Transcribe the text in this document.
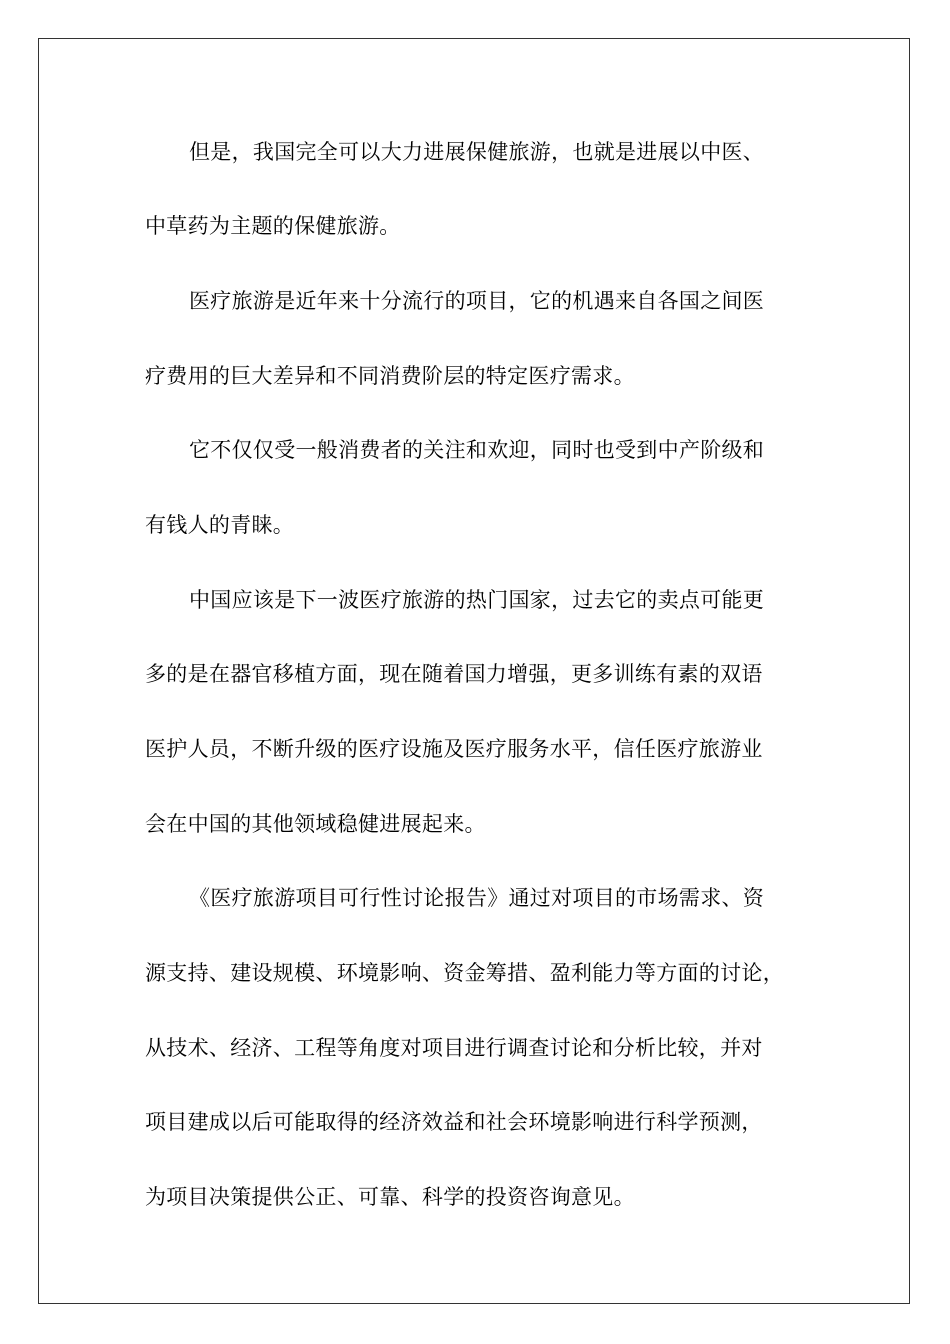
但是，我国完全可以大力进展保健旅游，也就是进展以中医、
中草药为主题的保健旅游。
医疗旅游是近年来十分流行的项目，它的机遇来自各国之间医
疗费用的巨大差异和不同消费阶层的特定医疗需求。
它不仅仅受一般消费者的关注和欢迎，同时也受到中产阶级和
有钱人的青睐。
中国应该是下一波医疗旅游的热门国家，过去它的卖点可能更
多的是在器官移植方面，现在随着国力增强，更多训练有素的双语
医护人员，不断升级的医疗设施及医疗服务水平，信任医疗旅游业
会在中国的其他领域稳健进展起来。
《医疗旅游项目可行性讨论报告》通过对项目的市场需求、资
源支持、建设规模、环境影响、资金筹措、盈利能力等方面的讨论，
从技术、经济、工程等角度对项目进行调查讨论和分析比较，并对
项目建成以后可能取得的经济效益和社会环境影响进行科学预测，
为项目决策提供公正、可靠、科学的投资咨询意见。
